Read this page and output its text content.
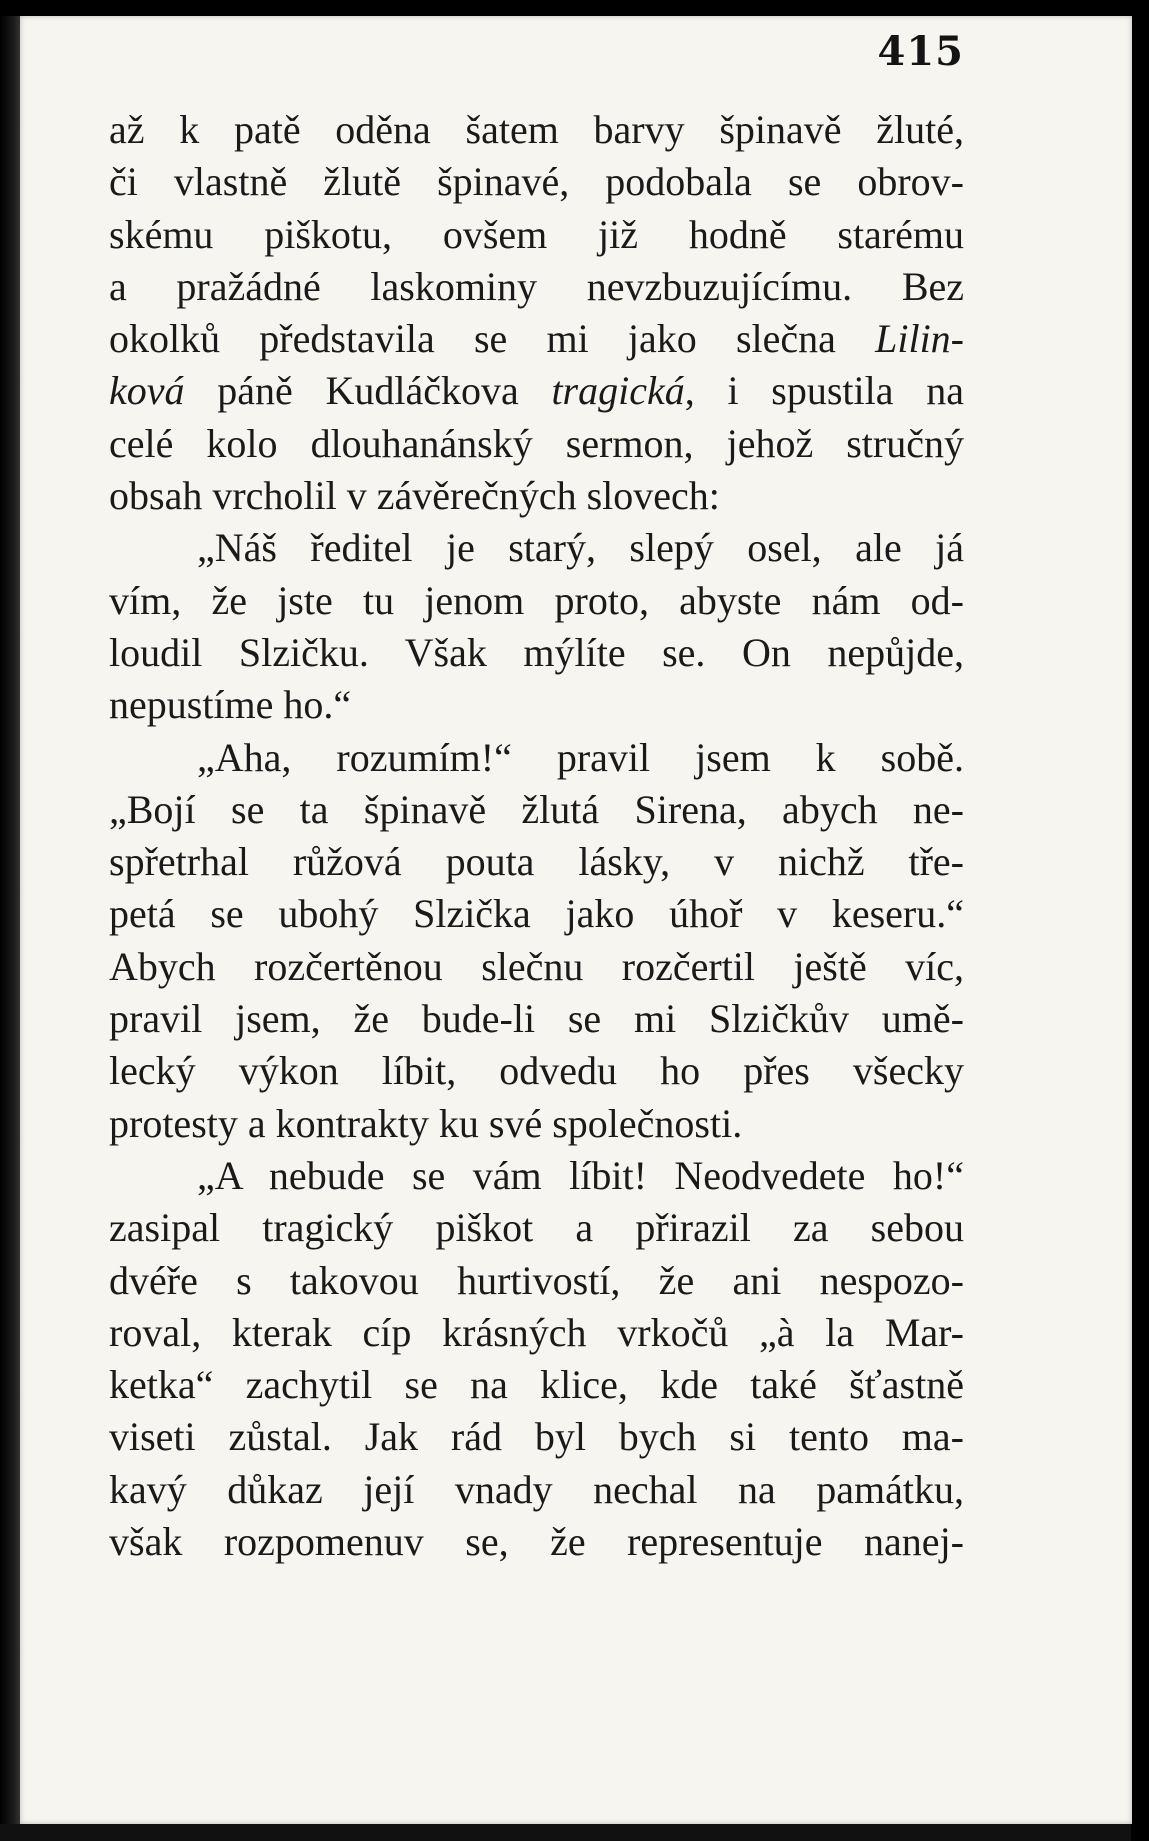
415
až k patě oděna šatem barvy špinavě žluté,
či vlastně žlutě špinavé, podobala se obrov-
skému piškotu, ovšem již hodně starému
a pražádné laskominy nevzbuzujícímu. Bez
okolků představila se mi jako slečna Lilin-
ková páně Kudláčkova tragická, i spustila na
celé kolo dlouhanánský sermon, jehož stručný
obsah vrcholil v závěrečných slovech:
„Náš ředitel je starý, slepý osel, ale já
vím, že jste tu jenom proto, abyste nám od-
loudil Slzičku. Však mýlíte se. On nepůjde,
nepustíme ho.“
„Aha, rozumím!“ pravil jsem k sobě.
„Bojí se ta špinavě žlutá Sirena, abych ne-
spřetrhal růžová pouta lásky, v nichž tře-
petá se ubohý Slzička jako úhoř v keseru.“
Abych rozčertěnou slečnu rozčertil ještě víc,
pravil jsem, že bude-li se mi Slzičkův umě-
lecký výkon líbit, odvedu ho přes všecky
protesty a kontrakty ku své společnosti.
„A nebude se vám líbit! Neodvedete ho!“
zasipal tragický piškot a přirazil za sebou
dvéře s takovou hurtivostí, že ani nespozo-
roval, kterak cíp krásných vrkočů „à la Mar-
ketka“ zachytil se na klice, kde také šťastně
viseti zůstal. Jak rád byl bych si tento ma-
kavý důkaz její vnady nechal na památku,
však rozpomenuv se, že representuje nanej-
